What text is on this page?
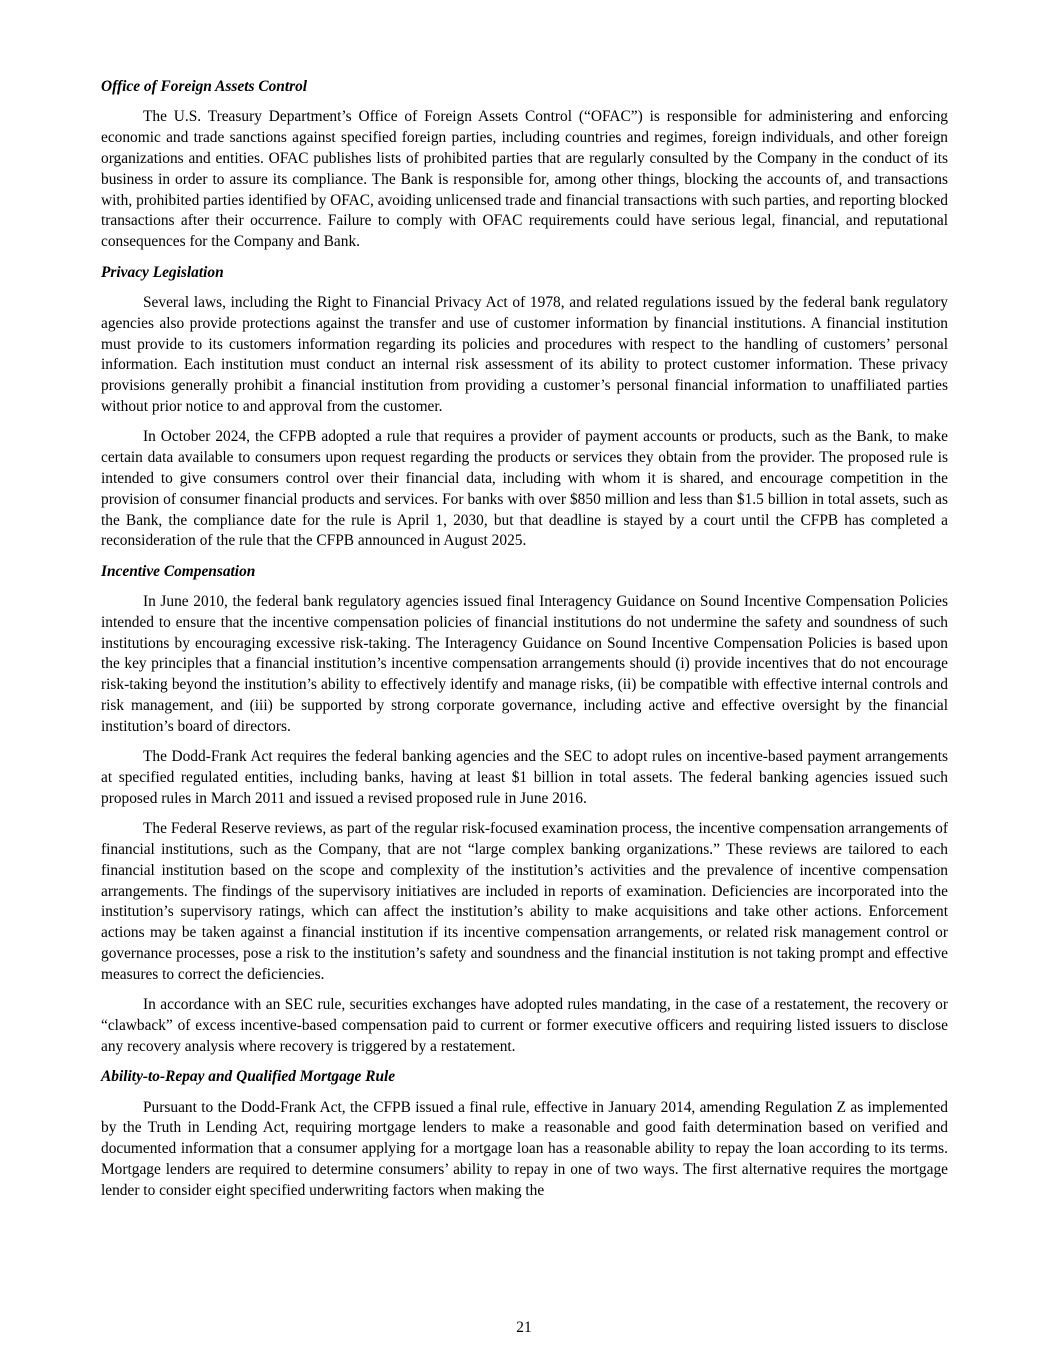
Office of Foreign Assets Control

The U.S. Treasury Department’s Office of Foreign Assets Control (“OFAC”) is responsible for administering and enforcing economic and trade sanctions against specified foreign parties, including countries and regimes, foreign individuals, and other foreign organizations and entities. OFAC publishes lists of prohibited parties that are regularly consulted by the Company in the conduct of its business in order to assure its compliance. The Bank is responsible for, among other things, blocking the accounts of, and transactions with, prohibited parties identified by OFAC, avoiding unlicensed trade and financial transactions with such parties, and reporting blocked transactions after their occurrence. Failure to comply with OFAC requirements could have serious legal, financial, and reputational consequences for the Company and Bank.

Privacy Legislation

Several laws, including the Right to Financial Privacy Act of 1978, and related regulations issued by the federal bank regulatory agencies also provide protections against the transfer and use of customer information by financial institutions. A financial institution must provide to its customers information regarding its policies and procedures with respect to the handling of customers’ personal information. Each institution must conduct an internal risk assessment of its ability to protect customer information. These privacy provisions generally prohibit a financial institution from providing a customer’s personal financial information to unaffiliated parties without prior notice to and approval from the customer.

In October 2024, the CFPB adopted a rule that requires a provider of payment accounts or products, such as the Bank, to make certain data available to consumers upon request regarding the products or services they obtain from the provider. The proposed rule is intended to give consumers control over their financial data, including with whom it is shared, and encourage competition in the provision of consumer financial products and services. For banks with over $850 million and less than $1.5 billion in total assets, such as the Bank, the compliance date for the rule is April 1, 2030, but that deadline is stayed by a court until the CFPB has completed a reconsideration of the rule that the CFPB announced in August 2025.

Incentive Compensation

In June 2010, the federal bank regulatory agencies issued final Interagency Guidance on Sound Incentive Compensation Policies intended to ensure that the incentive compensation policies of financial institutions do not undermine the safety and soundness of such institutions by encouraging excessive risk-taking. The Interagency Guidance on Sound Incentive Compensation Policies is based upon the key principles that a financial institution’s incentive compensation arrangements should (i) provide incentives that do not encourage risk-taking beyond the institution’s ability to effectively identify and manage risks, (ii) be compatible with effective internal controls and risk management, and (iii) be supported by strong corporate governance, including active and effective oversight by the financial institution’s board of directors.

The Dodd-Frank Act requires the federal banking agencies and the SEC to adopt rules on incentive-based payment arrangements at specified regulated entities, including banks, having at least $1 billion in total assets. The federal banking agencies issued such proposed rules in March 2011 and issued a revised proposed rule in June 2016.

The Federal Reserve reviews, as part of the regular risk-focused examination process, the incentive compensation arrangements of financial institutions, such as the Company, that are not “large complex banking organizations.” These reviews are tailored to each financial institution based on the scope and complexity of the institution’s activities and the prevalence of incentive compensation arrangements. The findings of the supervisory initiatives are included in reports of examination. Deficiencies are incorporated into the institution’s supervisory ratings, which can affect the institution’s ability to make acquisitions and take other actions. Enforcement actions may be taken against a financial institution if its incentive compensation arrangements, or related risk management control or governance processes, pose a risk to the institution’s safety and soundness and the financial institution is not taking prompt and effective measures to correct the deficiencies.

In accordance with an SEC rule, securities exchanges have adopted rules mandating, in the case of a restatement, the recovery or “clawback” of excess incentive-based compensation paid to current or former executive officers and requiring listed issuers to disclose any recovery analysis where recovery is triggered by a restatement.

Ability-to-Repay and Qualified Mortgage Rule

Pursuant to the Dodd-Frank Act, the CFPB issued a final rule, effective in January 2014, amending Regulation Z as implemented by the Truth in Lending Act, requiring mortgage lenders to make a reasonable and good faith determination based on verified and documented information that a consumer applying for a mortgage loan has a reasonable ability to repay the loan according to its terms. Mortgage lenders are required to determine consumers’ ability to repay in one of two ways. The first alternative requires the mortgage lender to consider eight specified underwriting factors when making the

21
